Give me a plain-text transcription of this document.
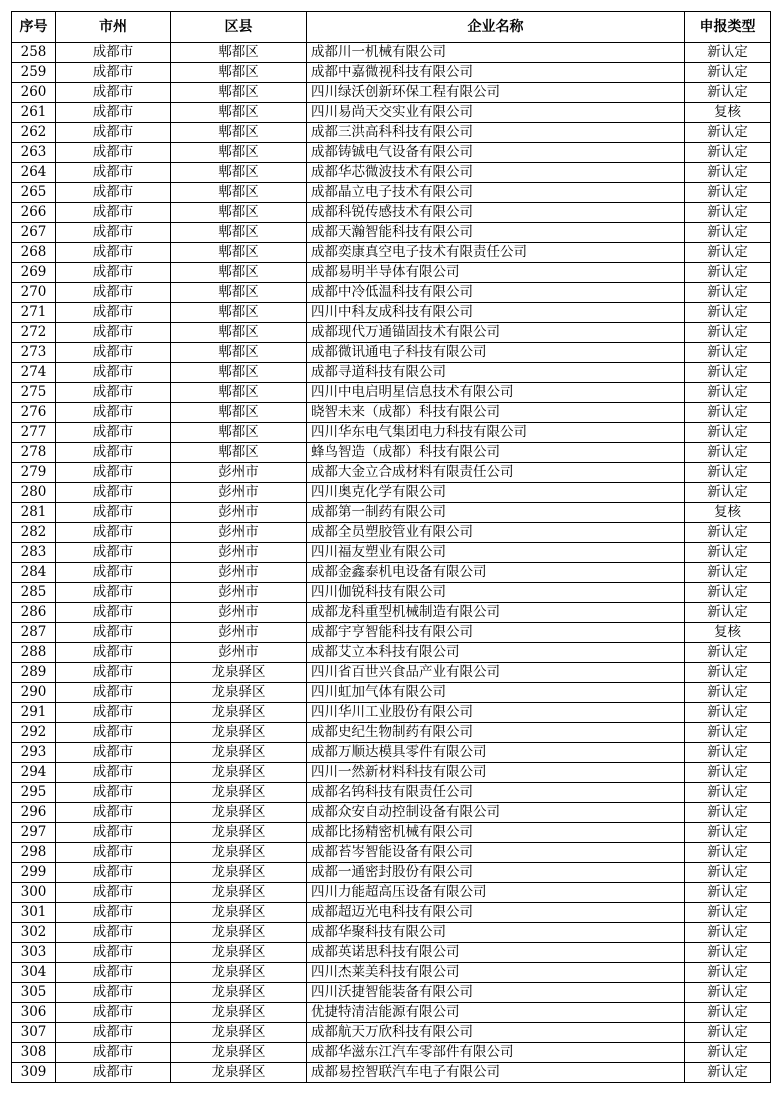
序号	市州	区县	企业名称	申报类型
258	成都市	郫都区	成都川一机械有限公司	新认定
259	成都市	郫都区	成都中嘉微视科技有限公司	新认定
260	成都市	郫都区	四川绿沃创新环保工程有限公司	新认定
261	成都市	郫都区	四川易尚天交实业有限公司	复核
262	成都市	郫都区	成都三洪高科科技有限公司	新认定
263	成都市	郫都区	成都铸铖电气设备有限公司	新认定
264	成都市	郫都区	成都华芯微波技术有限公司	新认定
265	成都市	郫都区	成都晶立电子技术有限公司	新认定
266	成都市	郫都区	成都科锐传感技术有限公司	新认定
267	成都市	郫都区	成都天瀚智能科技有限公司	新认定
268	成都市	郫都区	成都奕康真空电子技术有限责任公司	新认定
269	成都市	郫都区	成都易明半导体有限公司	新认定
270	成都市	郫都区	成都中冷低温科技有限公司	新认定
271	成都市	郫都区	四川中科友成科技有限公司	新认定
272	成都市	郫都区	成都现代万通锚固技术有限公司	新认定
273	成都市	郫都区	成都微讯通电子科技有限公司	新认定
274	成都市	郫都区	成都寻道科技有限公司	新认定
275	成都市	郫都区	四川中电启明星信息技术有限公司	新认定
276	成都市	郫都区	晓智未来（成都）科技有限公司	新认定
277	成都市	郫都区	四川华东电气集团电力科技有限公司	新认定
278	成都市	郫都区	蜂鸟智造（成都）科技有限公司	新认定
279	成都市	彭州市	成都大金立合成材料有限责任公司	新认定
280	成都市	彭州市	四川奥克化学有限公司	新认定
281	成都市	彭州市	成都第一制药有限公司	复核
282	成都市	彭州市	成都全员塑胶管业有限公司	新认定
283	成都市	彭州市	四川福友塑业有限公司	新认定
284	成都市	彭州市	成都金鑫泰机电设备有限公司	新认定
285	成都市	彭州市	四川伽锐科技有限公司	新认定
286	成都市	彭州市	成都龙科重型机械制造有限公司	新认定
287	成都市	彭州市	成都宇亨智能科技有限公司	复核
288	成都市	彭州市	成都艾立本科技有限公司	新认定
289	成都市	龙泉驿区	四川省百世兴食品产业有限公司	新认定
290	成都市	龙泉驿区	四川虹加气体有限公司	新认定
291	成都市	龙泉驿区	四川华川工业股份有限公司	新认定
292	成都市	龙泉驿区	成都史纪生物制药有限公司	新认定
293	成都市	龙泉驿区	成都万顺达模具零件有限公司	新认定
294	成都市	龙泉驿区	四川一然新材料科技有限公司	新认定
295	成都市	龙泉驿区	成都名钨科技有限责任公司	新认定
296	成都市	龙泉驿区	成都众安自动控制设备有限公司	新认定
297	成都市	龙泉驿区	成都比扬精密机械有限公司	新认定
298	成都市	龙泉驿区	成都苔岑智能设备有限公司	新认定
299	成都市	龙泉驿区	成都一通密封股份有限公司	新认定
300	成都市	龙泉驿区	四川力能超高压设备有限公司	新认定
301	成都市	龙泉驿区	成都超迈光电科技有限公司	新认定
302	成都市	龙泉驿区	成都华聚科技有限公司	新认定
303	成都市	龙泉驿区	成都英诺思科技有限公司	新认定
304	成都市	龙泉驿区	四川杰莱美科技有限公司	新认定
305	成都市	龙泉驿区	四川沃捷智能装备有限公司	新认定
306	成都市	龙泉驿区	优捷特清洁能源有限公司	新认定
307	成都市	龙泉驿区	成都航天万欣科技有限公司	新认定
308	成都市	龙泉驿区	成都华滋东江汽车零部件有限公司	新认定
309	成都市	龙泉驿区	成都易控智联汽车电子有限公司	新认定
